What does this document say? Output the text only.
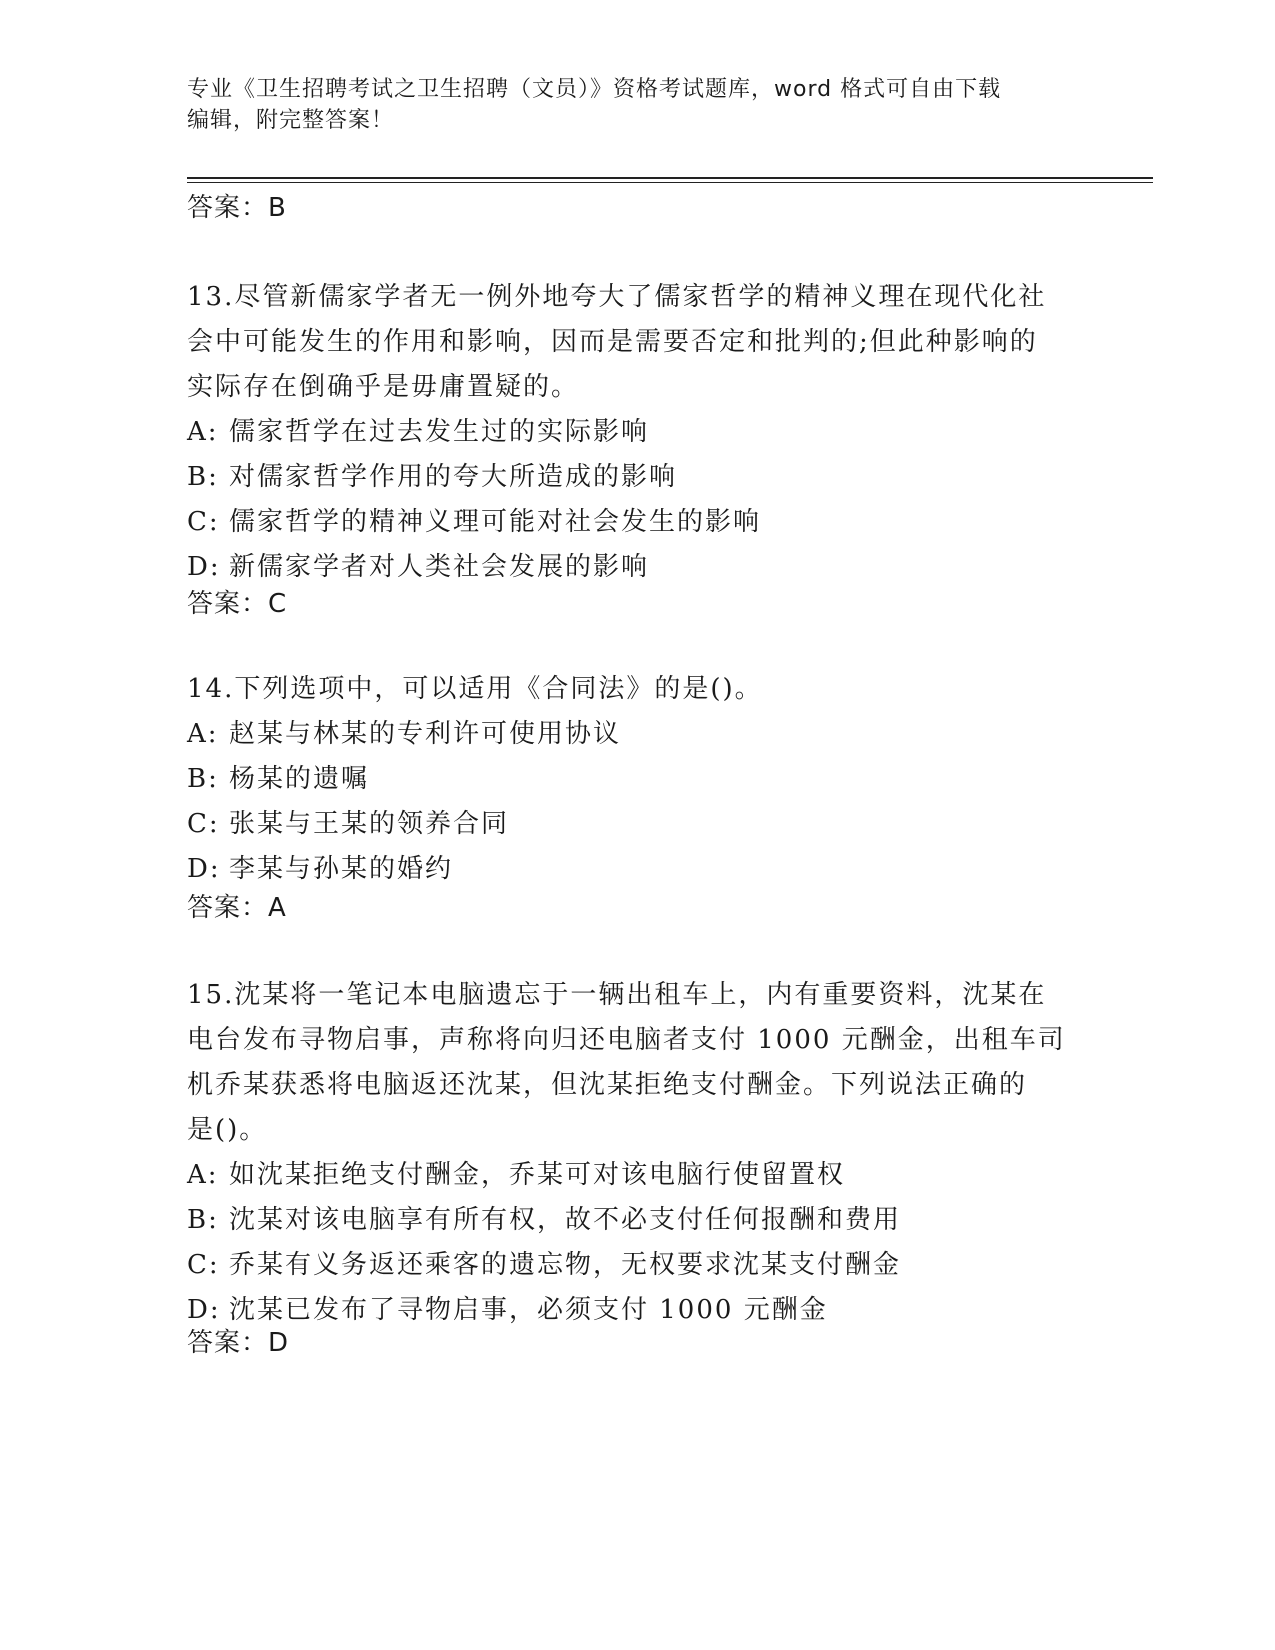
专业《卫生招聘考试之卫生招聘（文员）》资格考试题库，word 格式可自由下载
编辑，附完整答案！
答案：B
13.尽管新儒家学者无一例外地夸大了儒家哲学的精神义理在现代化社
会中可能发生的作用和影响，因而是需要否定和批判的;但此种影响的
实际存在倒确乎是毋庸置疑的。
A: 儒家哲学在过去发生过的实际影响
B: 对儒家哲学作用的夸大所造成的影响
C: 儒家哲学的精神义理可能对社会发生的影响
D: 新儒家学者对人类社会发展的影响
答案：C
14.下列选项中，可以适用《合同法》的是()。
A: 赵某与林某的专利许可使用协议
B: 杨某的遗嘱
C: 张某与王某的领养合同
D: 李某与孙某的婚约
答案：A
15.沈某将一笔记本电脑遗忘于一辆出租车上，内有重要资料，沈某在
电台发布寻物启事，声称将向归还电脑者支付 1000 元酬金，出租车司
机乔某获悉将电脑返还沈某，但沈某拒绝支付酬金。下列说法正确的
是()。
A: 如沈某拒绝支付酬金，乔某可对该电脑行使留置权
B: 沈某对该电脑享有所有权，故不必支付任何报酬和费用
C: 乔某有义务返还乘客的遗忘物，无权要求沈某支付酬金
D: 沈某已发布了寻物启事，必须支付 1000 元酬金
答案：D
